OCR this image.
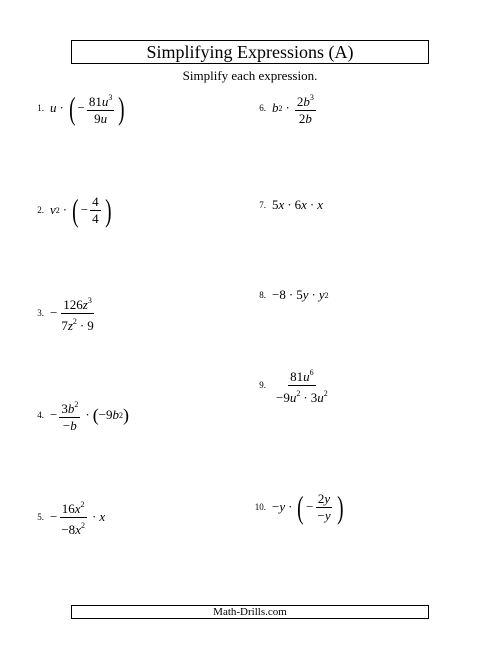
Simplifying Expressions (A)
Simplify each expression.
1. u · ( − $\frac{81u^3}{9u}$ )	6. b $2 \cdot \frac{2b^3}{2b}$
2. v 2 · ( − $\frac{4}{4}$ )	7. 5 x · 6 x · x
3. − $\frac{126z^3}{7z^2 \cdot 9}$	8. −8 · 5 y · y 2
4. − $\frac{3b^2}{-b}$ · ( −9 b 2 )
9. $\frac{81u^6}{-9u^2 \cdot 3u^2}$
5. − $\frac{16x^2}{-8x^2} \cdot x$
10. − y · ( − $\frac{2y}{-y}$ )
Math-Drills.com
